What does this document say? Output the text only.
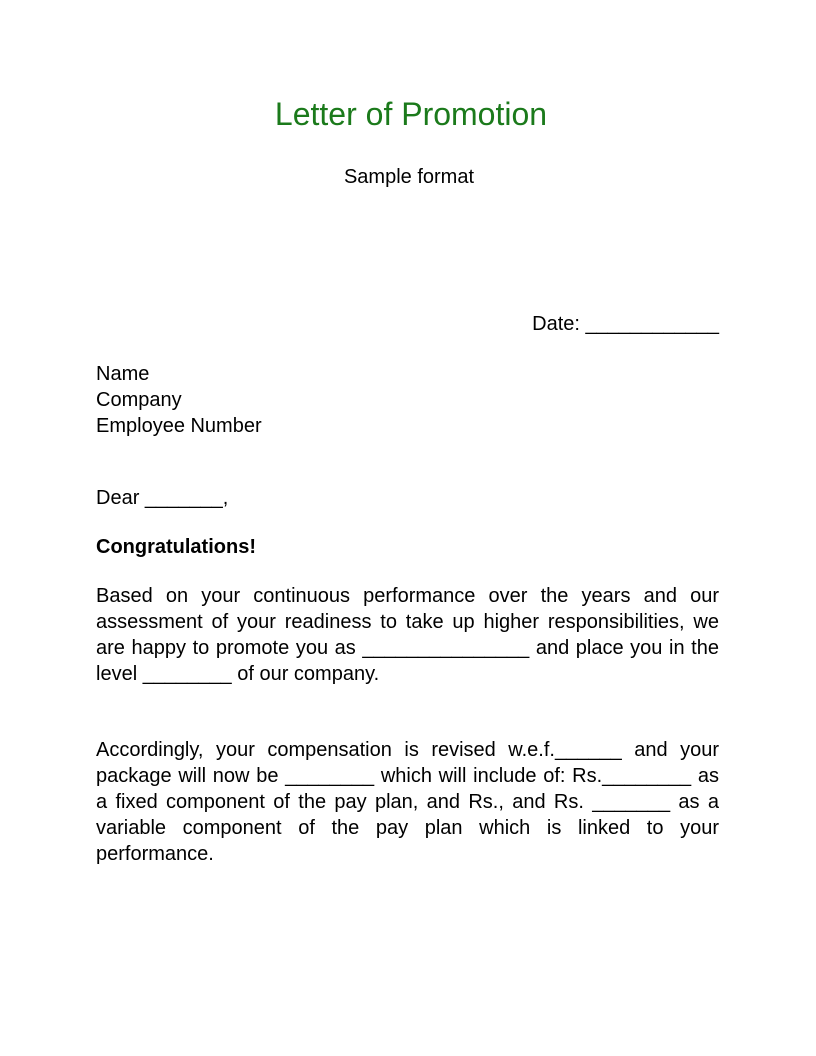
Letter of Promotion
Sample format
Date: ____________
Name
Company
Employee Number
Dear _______,
Congratulations!
Based on your continuous performance over the years and our assessment of your readiness to take up higher responsibilities, we are happy to promote you as _______________ and place you in the level ________ of our company.
Accordingly, your compensation is revised w.e.f.______ and your package will now be ________ which will include of: Rs.________ as a fixed component of the pay plan, and Rs., and Rs. _______ as a variable component of the pay plan which is linked to your performance.
